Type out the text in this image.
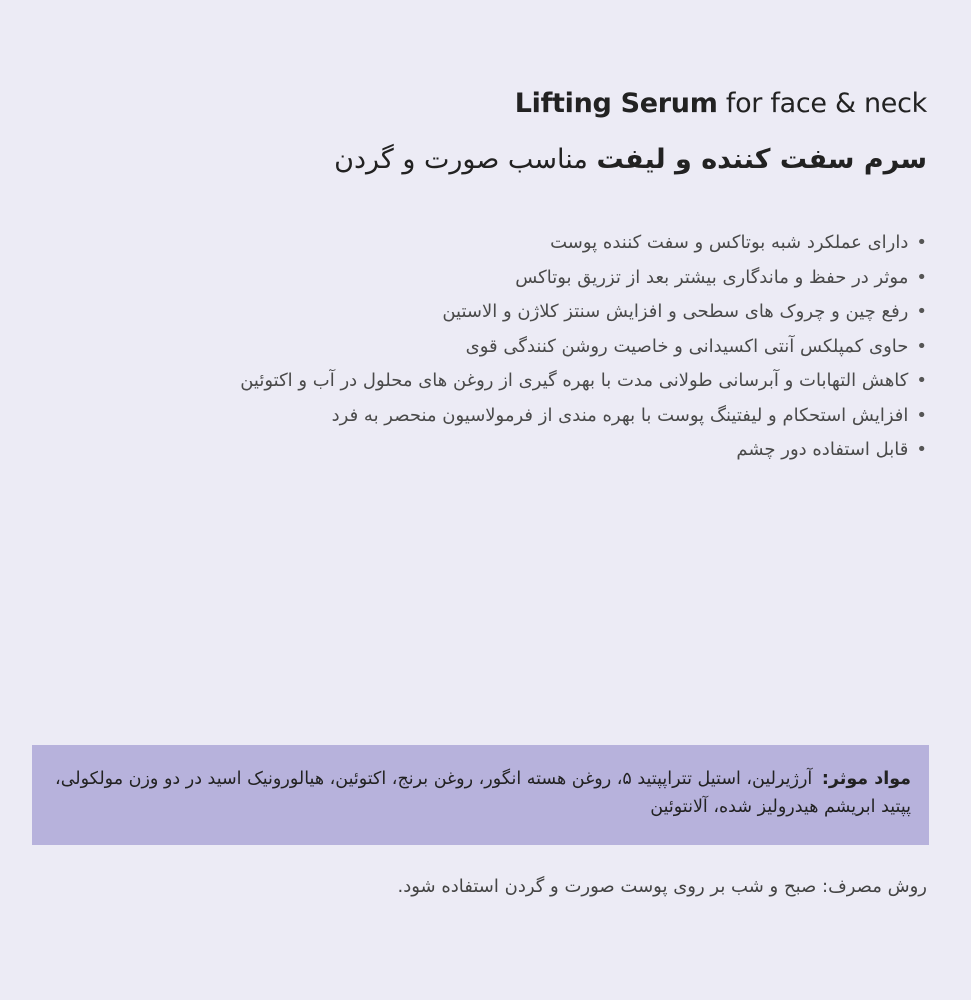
Lifting Serum for face & neck
سرم سفت کننده و لیفت مناسب صورت و گردن
•دارای عملکرد شبه بوتاکس و سفت کننده پوست
•موثر در حفظ و ماندگاری بیشتر بعد از تزریق بوتاکس
•رفع چین و چروک های سطحی و افزایش سنتز کلاژن و الاستین
•حاوی کمپلکس آنتی اکسیدانی و خاصیت روشن کنندگی قوی
•کاهش التهابات و آبرسانی طولانی مدت با بهره گیری از روغن های محلول در آب و اکتوئین
•افزایش استحکام و لیفتینگ پوست با بهره مندی از فرمولاسیون منحصر به فرد
•قابل استفاده دور چشم
مواد موثر: آرژیرلین، استیل تتراپپتید ۵، روغن هسته انگور، روغن برنج، اکتوئین، هیالورونیک اسید در دو وزن مولکولی، پپتید ابریشم هیدرولیز شده، آلانتوئین
روش مصرف: صبح و شب بر روی پوست صورت و گردن استفاده شود.
